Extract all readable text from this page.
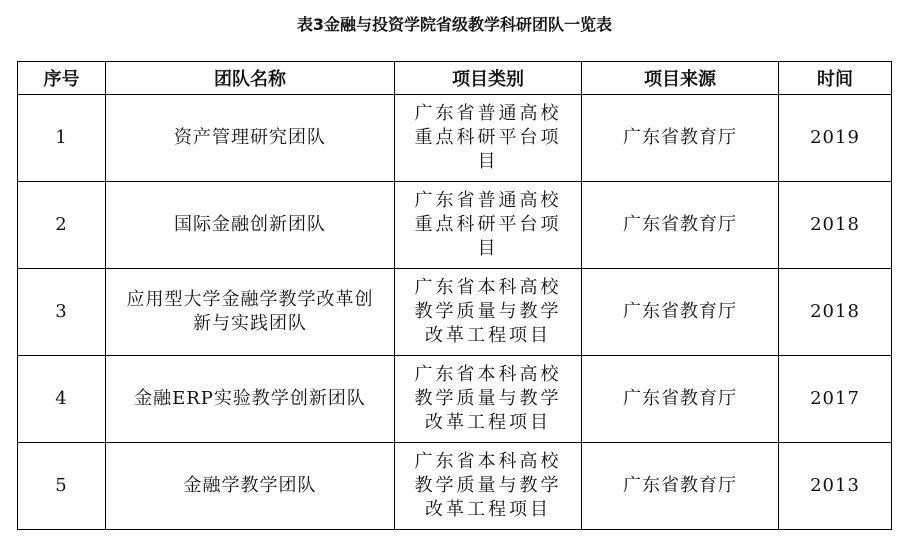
表3金融与投资学院省级教学科研团队一览表
序号	团队名称	项目类别	项目来源	时间
1	资产管理研究团队	广东省普通高校重点科研平台项目	广东省教育厅	2019
2	国际金融创新团队	广东省普通高校重点科研平台项目	广东省教育厅	2018
3	应用型大学金融学教学改革创新与实践团队	广东省本科高校教学质量与教学改革工程项目	广东省教育厅	2018
4	金融ERP实验教学创新团队	广东省本科高校教学质量与教学改革工程项目	广东省教育厅	2017
5	金融学教学团队	广东省本科高校教学质量与教学改革工程项目	广东省教育厅	2013
